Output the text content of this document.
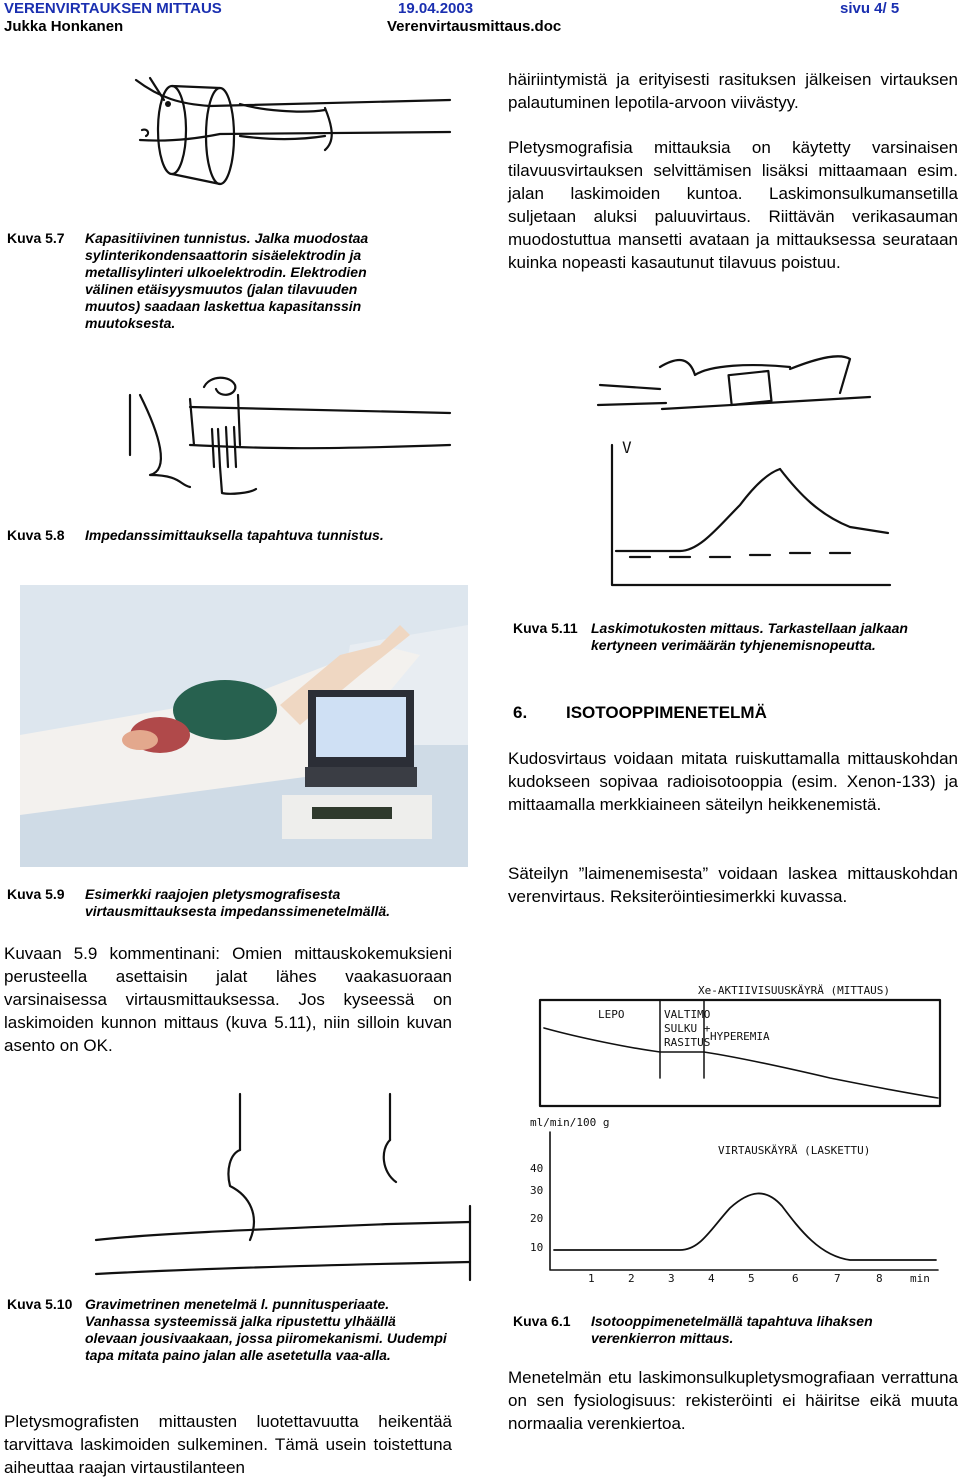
VERENVIRTAUKSEN MITTAUS	19.04.2003	sivu 4/ 5
Jukka Honkanen	Verenvirtausmittaus.doc
Kuva 5.7	Kapasitiivinen tunnistus. Jalka muodostaa sylinterikondensaattorin sisäelektrodin ja metallisylinteri ulkoelektrodin. Elektrodien välinen etäisyysmuutos (jalan tilavuuden muutos) saadaan laskettua kapasitanssin muutoksesta.
häiriintymistä ja erityisesti rasituksen jälkeisen virtauksen palautuminen lepotila-arvoon viivästyy.
Pletysmografisia mittauksia on käytetty varsinaisen tilavuusvirtauksen selvittämisen lisäksi mittaamaan esim. jalan laskimoiden kuntoa. Laskimonsulkumansetilla suljetaan aluksi paluuvirtaus. Riittävän verikasauman muodostuttua mansetti avataan ja mittauksessa seurataan kuinka nopeasti kasautunut tilavuus poistuu.
Kuva 5.8	Impedanssimittauksella tapahtuva tunnistus.
V
Kuva 5.11 Laskimotukosten mittaus. Tarkastellaan jalkaan kertyneen verimäärän tyhjenemisnopeutta.
6. ISOTOOPPIMENETELMÄ
Kudosvirtaus voidaan mitata ruiskuttamalla mittauskohdan kudokseen sopivaa radioisotooppia (esim. Xenon-133) ja mittaamalla merkkiaineen säteilyn heikkenemistä.
Säteilyn ”laimenemisesta” voidaan laskea mittauskohdan verenvirtaus. Reksiteröintiesimerkki kuvassa.
Kuva 5.9	Esimerkki raajojen pletysmografisesta virtausmittauksesta impedanssimenetelmällä.
Kuvaan 5.9 kommentinani: Omien mittauskokemuksieni perusteella asettaisin jalat lähes vaakasuoraan varsinaisessa virtausmittauksessa. Jos kyseessä on laskimoiden kunnon mittaus (kuva 5.11), niin silloin kuvan asento on OK.
Xe-AKTIIVISUUSKÄYRÄ (MITTAUS)
LEPO	VALTIMO
SULKU +
RASITUS HYPEREMIA
ml/min/100 g
VIRTAUSKÄYRÄ (LASKETTU)
40
30
20
10
1	2	3	4	5	6	7	8 min
Kuva 5.10 Gravimetrinen menetelmä l. punnitusperiaate. Vanhassa systeemissä jalka ripustettu ylhäällä olevaan jousivaakaan, jossa piiromekanismi. Uudempi tapa mitata paino jalan alle asetetulla vaa-alla.
Kuva 6.1	Isotooppimenetelmällä tapahtuva lihaksen verenkierron mittaus.
Pletysmografisten mittausten luotettavuutta heikentää tarvittava laskimoiden sulkeminen. Tämä usein toistettuna aiheuttaa raajan virtaustilanteen
Menetelmän etu laskimonsulkupletysmografiaan verrattuna on sen fysiologisuus: rekisteröinti ei häiritse eikä muuta normaalia verenkiertoa.
